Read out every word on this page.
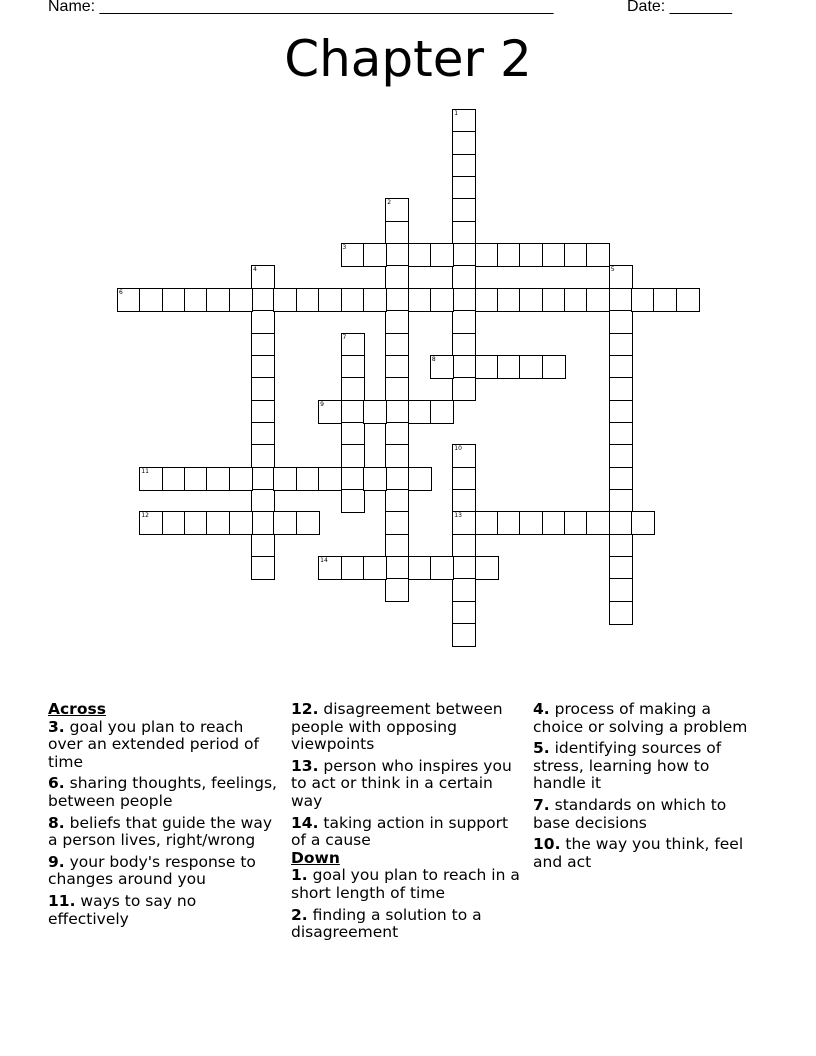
Name: ___________________________________________________	Date: _______
Chapter 2
1
2
3
4	5
6
7
8
9
10
13
11
12
14
Across
3. goal you plan to reach over an extended period of time
6. sharing thoughts, feelings, between people
8. beliefs that guide the way a person lives, right/wrong
9. your body's response to changes around you
11. ways to say no effectively
12. disagreement between people with opposing viewpoints
13. person who inspires you to act or think in a certain way
14. taking action in support of a cause
Down
1. goal you plan to reach in a short length of time
2. finding a solution to a disagreement
4. process of making a choice or solving a problem
5. identifying sources of stress, learning how to handle it
7. standards on which to base decisions
10. the way you think, feel and act
